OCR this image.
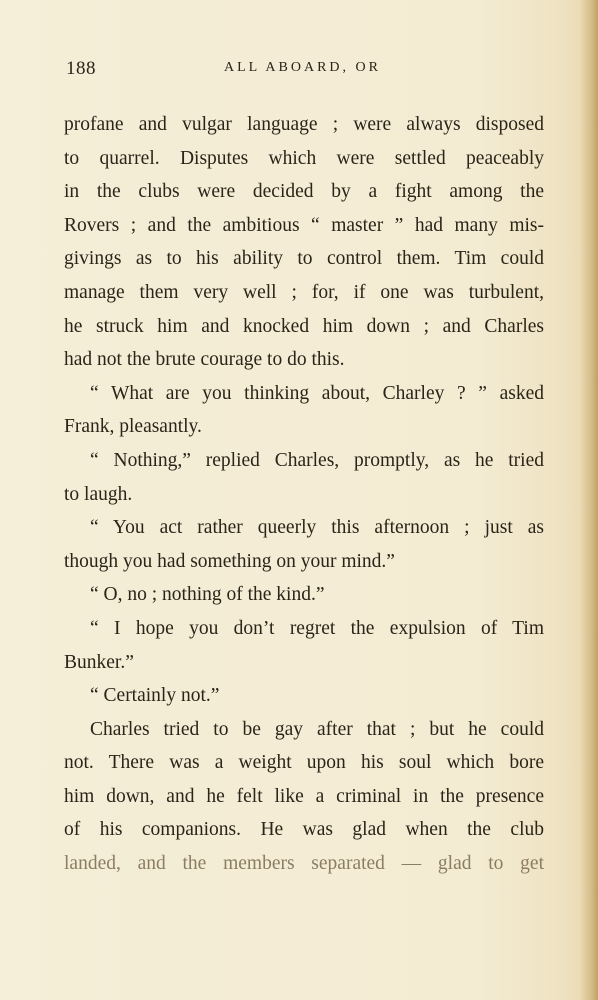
188	ALL ABOARD, OR
profane and vulgar language ; were always disposed
to quarrel. Disputes which were settled peaceably
in the clubs were decided by a fight among the
Rovers ; and the ambitious “ master ” had many mis-
givings as to his ability to control them. Tim could
manage them very well ; for, if one was turbulent,
he struck him and knocked him down ; and Charles
had not the brute courage to do this.
“ What are you thinking about, Charley ? ” asked
Frank, pleasantly.
“ Nothing,” replied Charles, promptly, as he tried
to laugh.
“ You act rather queerly this afternoon ; just as
though you had something on your mind.”
“ O, no ; nothing of the kind.”
“ I hope you don’t regret the expulsion of Tim
Bunker.”
“ Certainly not.”
Charles tried to be gay after that ; but he could
not. There was a weight upon his soul which bore
him down, and he felt like a criminal in the presence
of his companions. He was glad when the club
landed, and the members separated — glad to get
